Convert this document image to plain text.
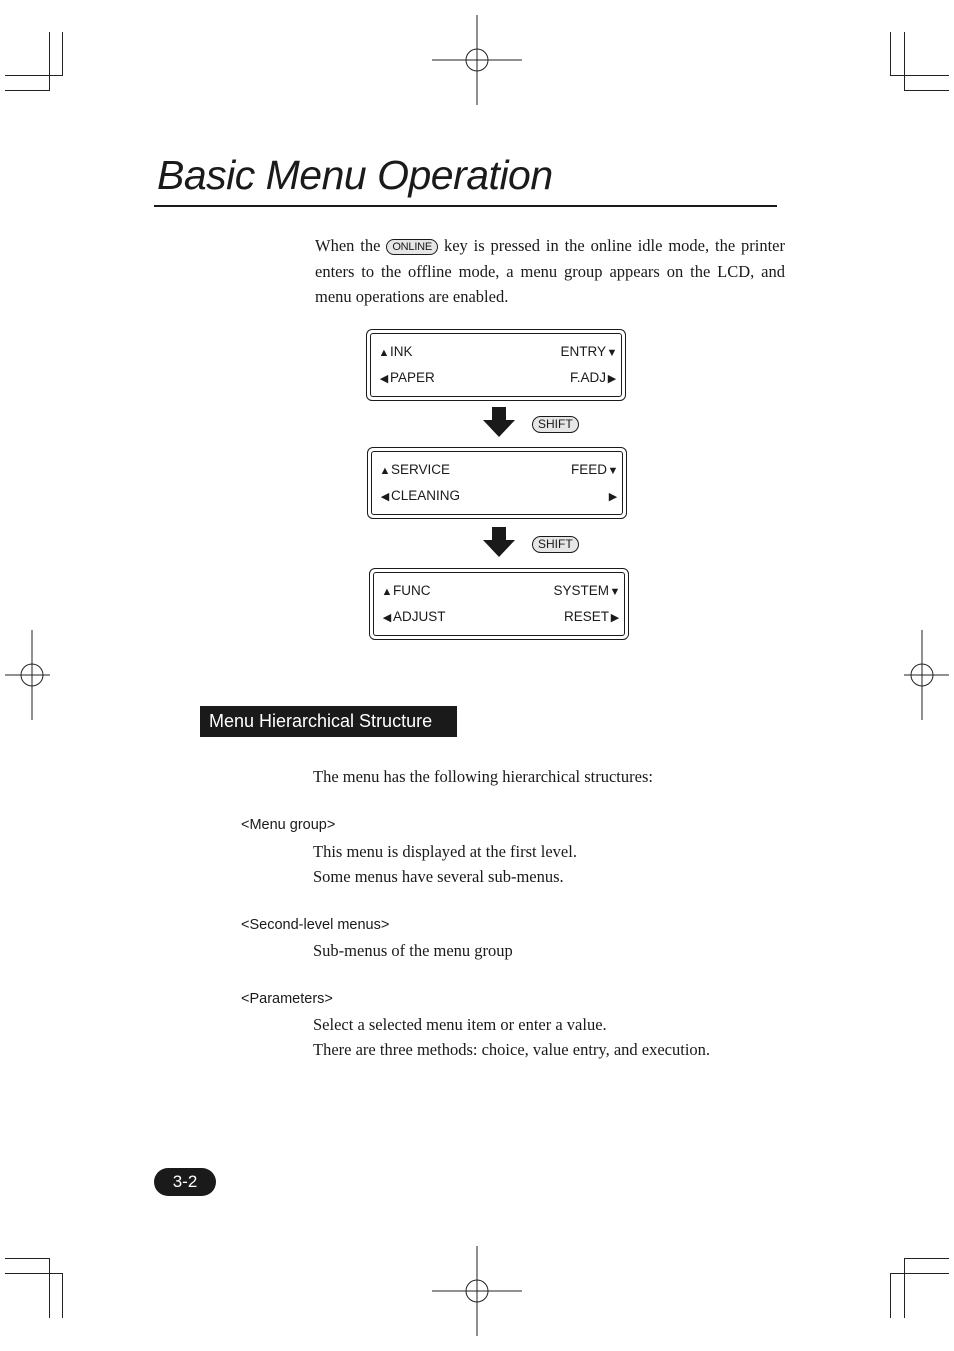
Basic Menu Operation

When the ONLINE key is pressed in the online idle mode, the printer
enters to the offline mode, a menu group appears on the LCD, and
menu operations are enabled.

▲INK	ENTRY▼
◀ PAPER	F.ADJ ▶
SHIFT
▲SERVICE	FEED▼
◀ CLEANING	▶
SHIFT
▲FUNC	SYSTEM▼
◀ ADJUST	RESET ▶
Menu Hierarchical Structure

The menu has the following hierarchical structures:

<Menu group>

This menu is displayed at the first level.

Some menus have several sub-menus.

<Second-level menus>

Sub-menus of the menu group

<Parameters>

Select a selected menu item or enter a value.

There are three methods: choice, value entry, and execution.

3-2
